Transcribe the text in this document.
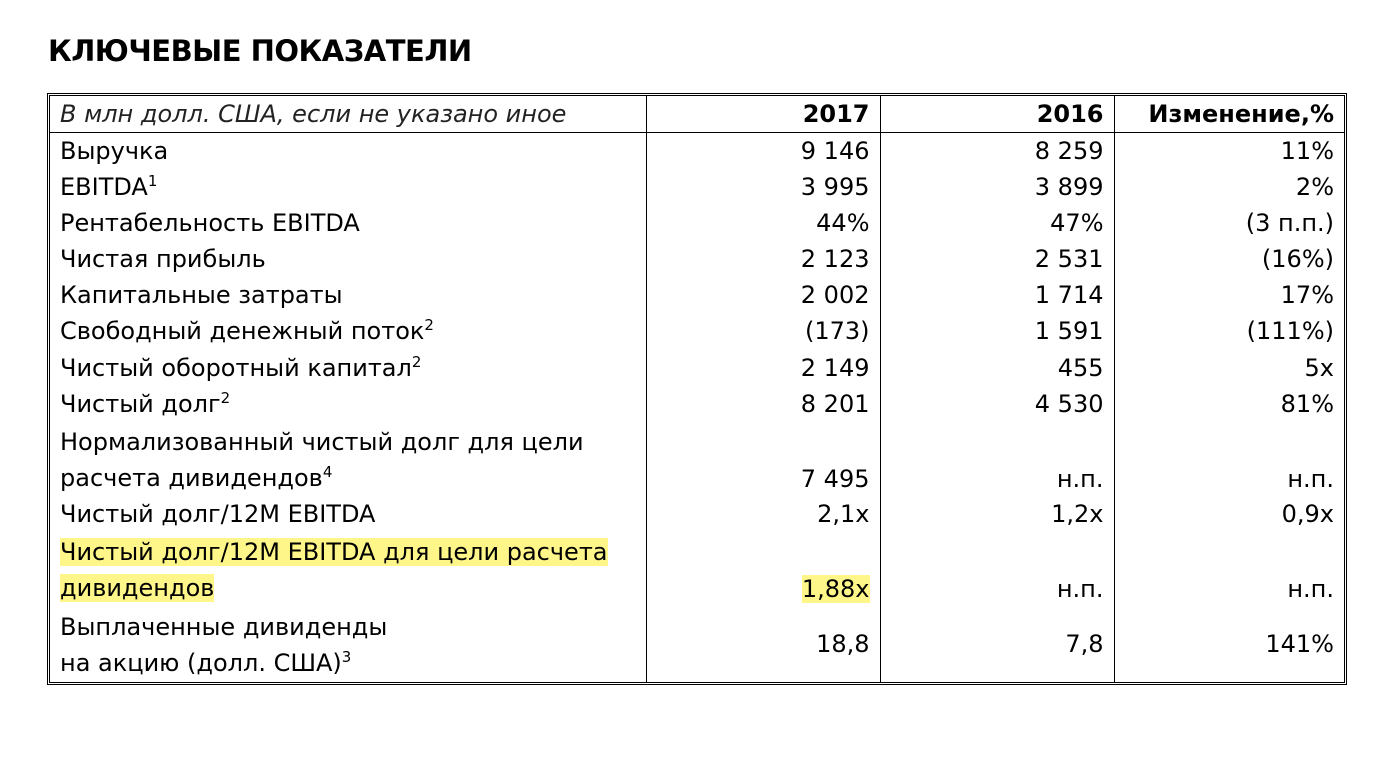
КЛЮЧЕВЫЕ ПОКАЗАТЕЛИ
В млн долл. США, если не указано иное	2017	2016	Изменение,%
Выручка	9 146	8 259	11%
EBITDA$^1$	3 995	3 899	2%
Рентабельность EBITDA	44%	47%	(3 п.п.)
Чистая прибыль	2 123	2 531	(16%)
Капитальные затраты	2 002	1 714	17%
Свободный денежный поток$^2$	(173)	1 591	(111%)
Чистый оборотный капитал$^2$	2 149	455	5x
Чистый долг$^2$	8 201	4 530	81%
Нормализованный чистый долг для цели
расчета дивидендов$^4$	7 495	н.п.	н.п.
Чистый долг/12M EBITDA	2,1x	1,2x	0,9x
Чистый долг/12M EBITDA для цели расчета
дивидендов	1,88x	н.п.	н.п.
Выплаченные дивиденды
на акцию (долл. США)$^3$	18,8	7,8	141%
